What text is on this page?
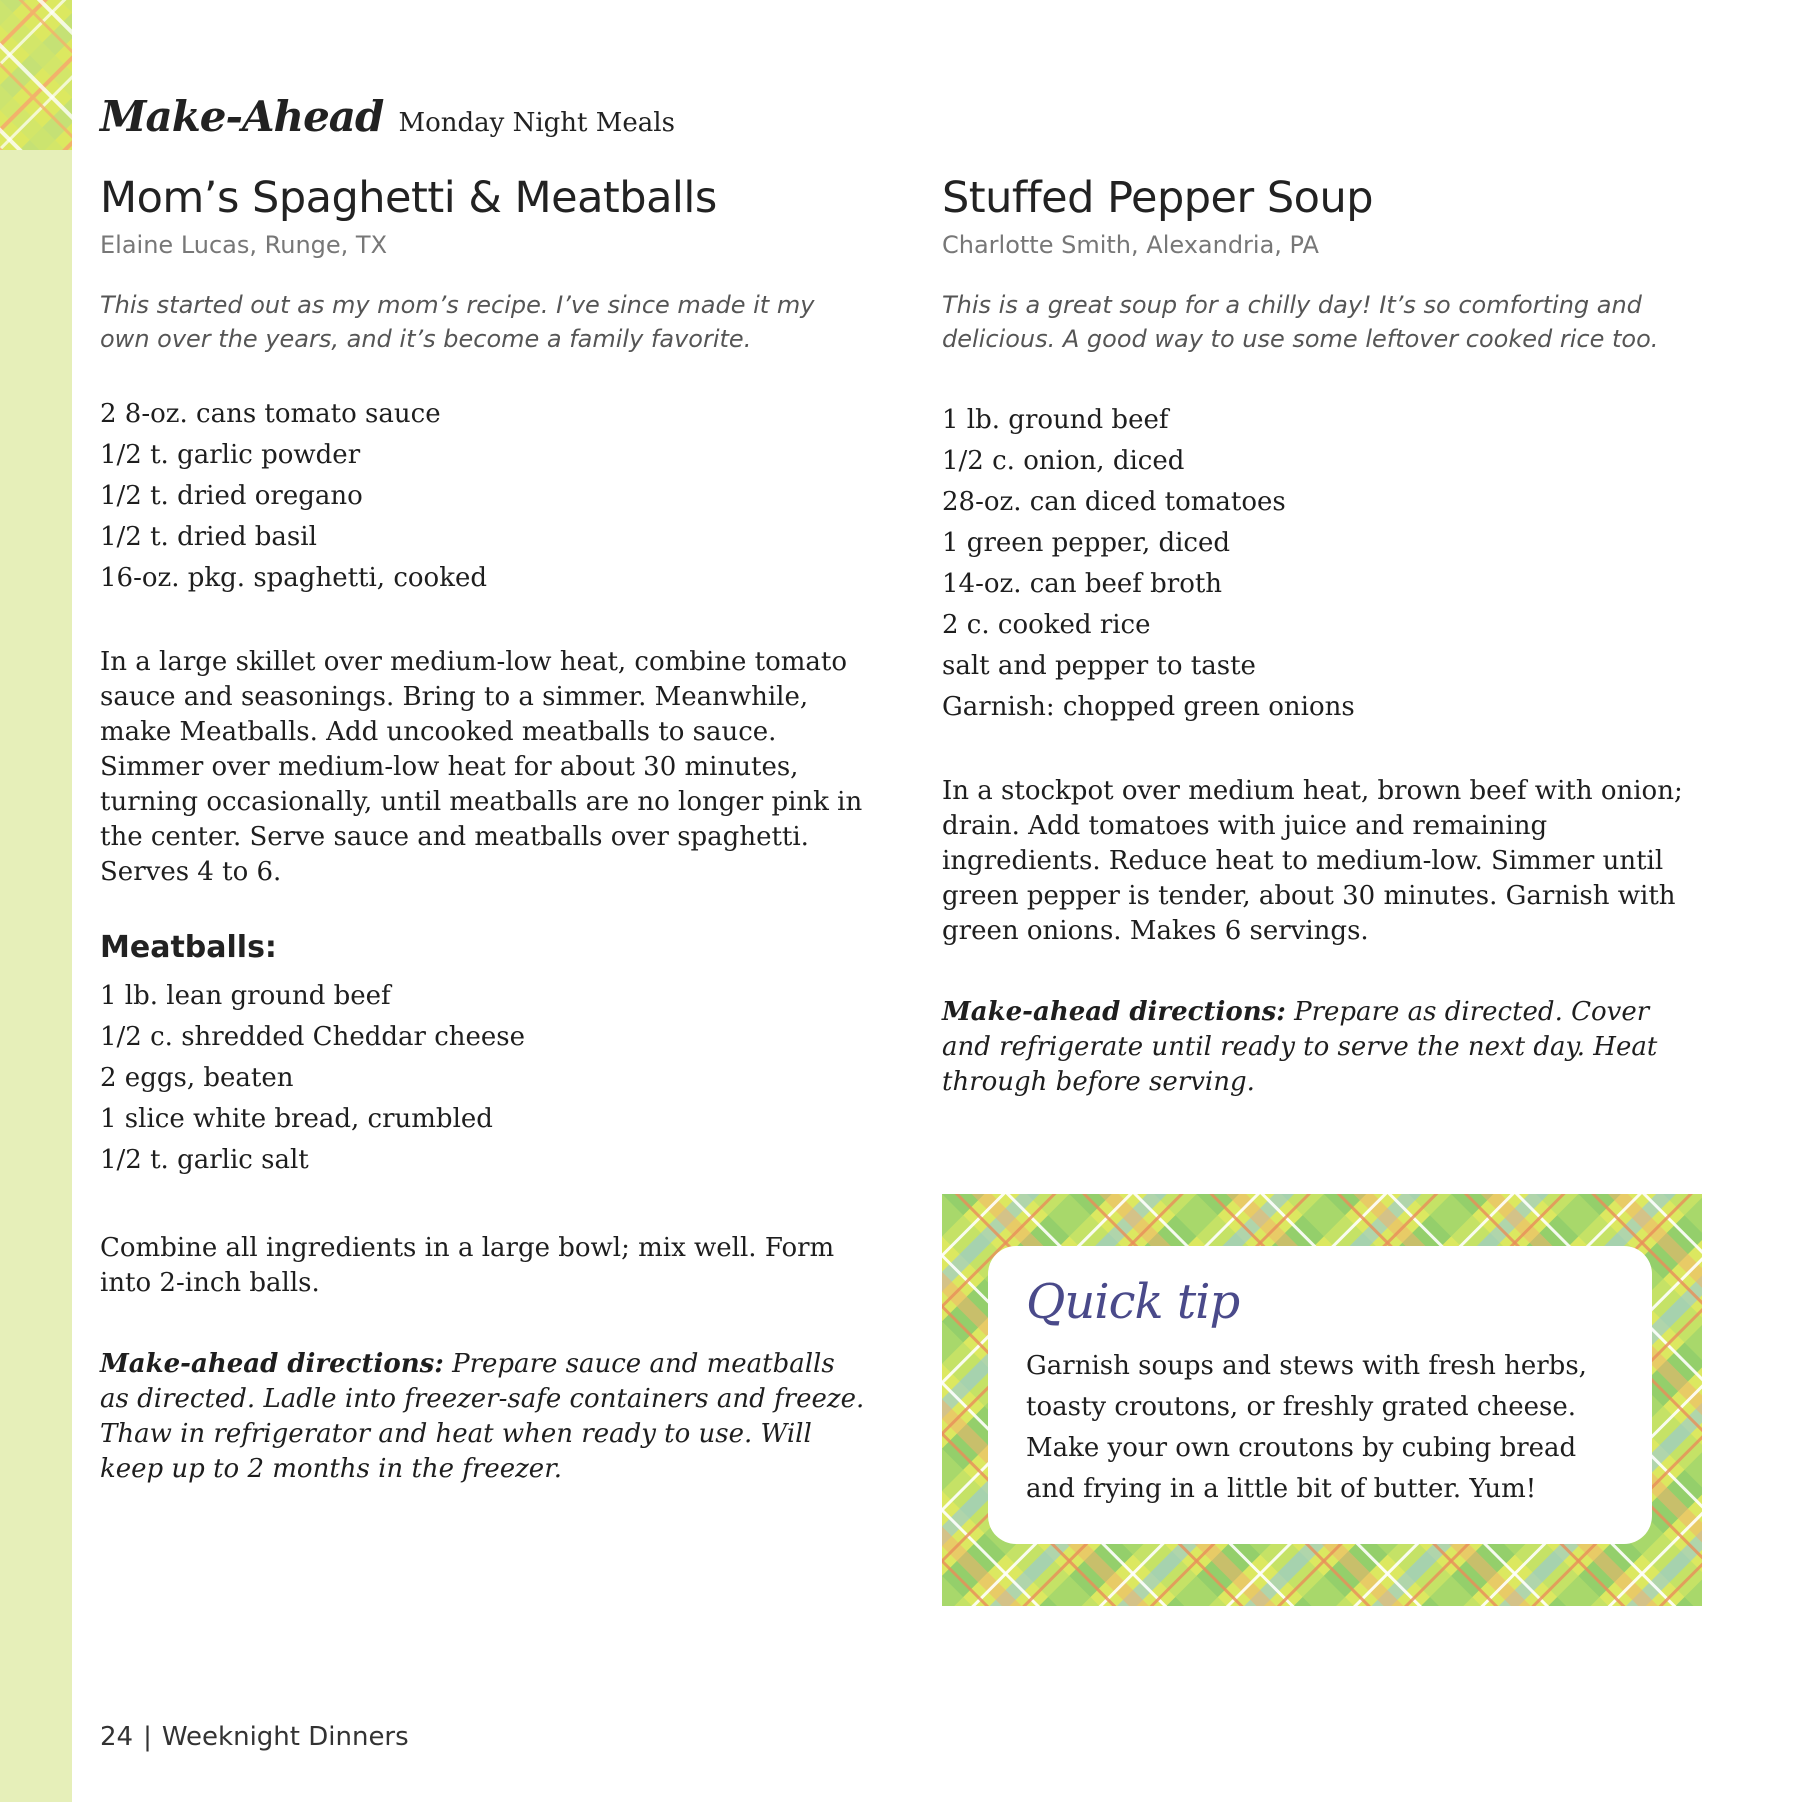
Make-Ahead Monday Night Meals
Mom’s Spaghetti & Meatballs
Elaine Lucas, Runge, TX
This started out as my mom’s recipe. I’ve since made it my own over the years, and it’s become a family favorite.
2 8-oz. cans tomato sauce
1/2 t. garlic powder
1/2 t. dried oregano
1/2 t. dried basil
16-oz. pkg. spaghetti, cooked
In a large skillet over medium-low heat, combine tomato sauce and seasonings. Bring to a simmer. Meanwhile, make Meatballs. Add uncooked meatballs to sauce. Simmer over medium-low heat for about 30 minutes, turning occasionally, until meatballs are no longer pink in the center. Serve sauce and meatballs over spaghetti. Serves 4 to 6.
Meatballs:
1 lb. lean ground beef
1/2 c. shredded Cheddar cheese
2 eggs, beaten
1 slice white bread, crumbled
1/2 t. garlic salt
Combine all ingredients in a large bowl; mix well. Form into 2-inch balls.
Make-ahead directions: Prepare sauce and meatballs as directed. Ladle into freezer-safe containers and freeze. Thaw in refrigerator and heat when ready to use. Will keep up to 2 months in the freezer.
Stuffed Pepper Soup
Charlotte Smith, Alexandria, PA
This is a great soup for a chilly day! It’s so comforting and delicious. A good way to use some leftover cooked rice too.
1 lb. ground beef
1/2 c. onion, diced
28-oz. can diced tomatoes
1 green pepper, diced
14-oz. can beef broth
2 c. cooked rice
salt and pepper to taste
Garnish: chopped green onions
In a stockpot over medium heat, brown beef with onion; drain. Add tomatoes with juice and remaining ingredients. Reduce heat to medium-low. Simmer until green pepper is tender, about 30 minutes. Garnish with green onions. Makes 6 servings.
Make-ahead directions: Prepare as directed. Cover and refrigerate until ready to serve the next day. Heat through before serving.
Quick tip
Garnish soups and stews with fresh herbs, toasty croutons, or freshly grated cheese. Make your own croutons by cubing bread and frying in a little bit of butter. Yum!
24 | Weeknight Dinners
